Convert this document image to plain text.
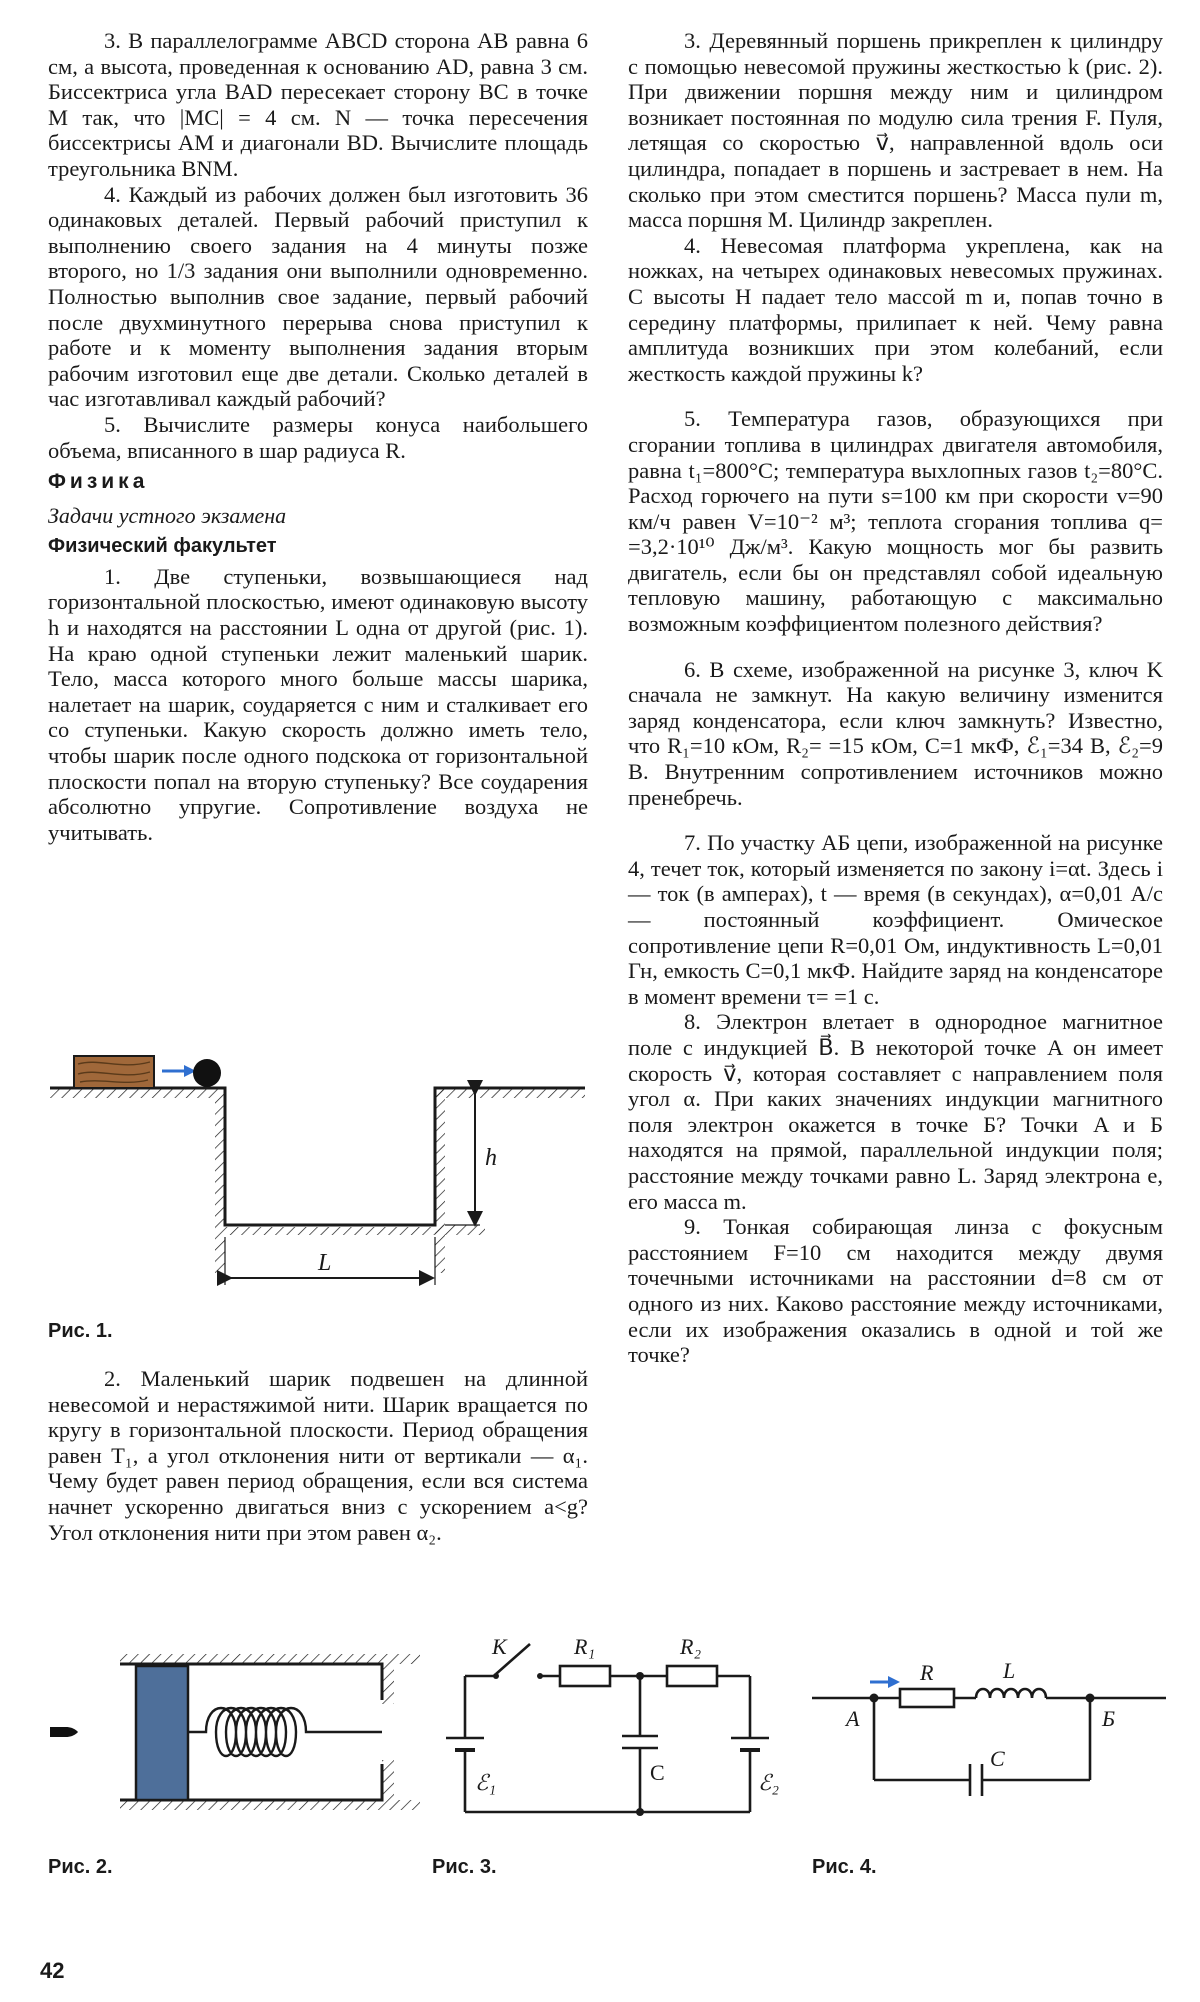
3. В параллелограмме ABCD сторона AB равна 6 см, а высота, проведенная к основанию AD, равна 3 см. Биссектриса угла BAD пересекает сторону BC в точке M так, что |MC| = 4 см. N — точка пересечения биссектрисы AM и диагонали BD. Вычислите площадь треугольника BNM.

4. Каждый из рабочих должен был изготовить 36 одинаковых деталей. Первый рабочий приступил к выполнению своего задания на 4 минуты позже второго, но 1/3 задания они выполнили одновременно. Полностью выполнив свое задание, первый рабочий после двухминутного перерыва снова приступил к работе и к моменту выполнения задания вторым рабочим изготовил еще две детали. Сколько деталей в час изготавливал каждый рабочий?

5. Вычислите размеры конуса наибольшего объема, вписанного в шар радиуса R.

Физика
Задачи устного экзамена
Физический факультет

1. Две ступеньки, возвышающиеся над горизонтальной плоскостью, имеют одинаковую высоту h и находятся на расстоянии L одна от другой (рис. 1). На краю одной ступеньки лежит маленький шарик. Тело, масса которого много больше массы шарика, налетает на шарик, соударяется с ним и сталкивает его со ступеньки. Какую скорость должно иметь тело, чтобы шарик после одного подскока от горизонтальной плоскости попал на вторую ступеньку? Все соударения абсолютно упругие. Сопротивление воздуха не учитывать.

2. Маленький шарик подвешен на длинной невесомой и нерастяжимой нити. Шарик вращается по кругу в горизонтальной плоскости. Период обращения равен T₁, а угол отклонения нити от вертикали — α₁. Чему будет равен период обращения, если вся система начнет ускоренно двигаться вниз с ускорением a<g? Угол отклонения нити при этом равен α₂.

3. Деревянный поршень прикреплен к цилиндру с помощью невесомой пружины жесткостью k (рис. 2). При движении поршня между ним и цилиндром возникает постоянная по модулю сила трения F. Пуля, летящая со скоростью v⃗, направленной вдоль оси цилиндра, попадает в поршень и застревает в нем. На сколько при этом сместится поршень? Масса пули m, масса поршня M. Цилиндр закреплен.

4. Невесомая платформа укреплена, как на ножках, на четырех одинаковых невесомых пружинах. С высоты H падает тело массой m и, попав точно в середину платформы, прилипает к ней. Чему равна амплитуда возникших при этом колебаний, если жесткость каждой пружины k?

5. Температура газов, образующихся при сгорании топлива в цилиндрах двигателя автомобиля, равна t₁=800°C; температура выхлопных газов t₂=80°C. Расход горючего на пути s=100 км при скорости v=90 км/ч равен V=10⁻² м³; теплота сгорания топлива q= =3,2·10¹⁰ Дж/м³. Какую мощность мог бы развить двигатель, если бы он представлял собой идеальную тепловую машину, работающую с максимально возможным коэффициентом полезного действия?

6. В схеме, изображенной на рисунке 3, ключ K сначала не замкнут. На какую величину изменится заряд конденсатора, если ключ замкнуть? Известно, что R₁=10 кОм, R₂= =15 кОм, C=1 мкФ, ℰ₁=34 В, ℰ₂=9 В. Внутренним сопротивлением источников можно пренебречь.

7. По участку АБ цепи, изображенной на рисунке 4, течет ток, который изменяется по закону i=αt. Здесь i — ток (в амперах), t — время (в секундах), α=0,01 А/с — постоянный коэффициент. Омическое сопротивление цепи R=0,01 Ом, индуктивность L=0,01 Гн, емкость C=0,1 мкФ. Найдите заряд на конденсаторе в момент времени τ= =1 с.

8. Электрон влетает в однородное магнитное поле с индукцией B⃗. В некоторой точке A он имеет скорость v⃗, которая составляет с направлением поля угол α. При каких значениях индукции магнитного поля электрон окажется в точке Б? Точки A и Б находятся на прямой, параллельной индукции поля; расстояние между точками равно L. Заряд электрона e, его масса m.

9. Тонкая собирающая линза с фокусным расстоянием F=10 см находится между двумя точечными источниками на расстоянии d=8 см от одного из них. Каково расстояние между источниками, если их изображения оказались в одной и той же точке?

h
L
Рис. 1.
Рис. 2.
K	R₁	R₂
C
ℰ₁	ℰ₂
Рис. 3.
R	L
C
A	Б
Рис. 4.
42
